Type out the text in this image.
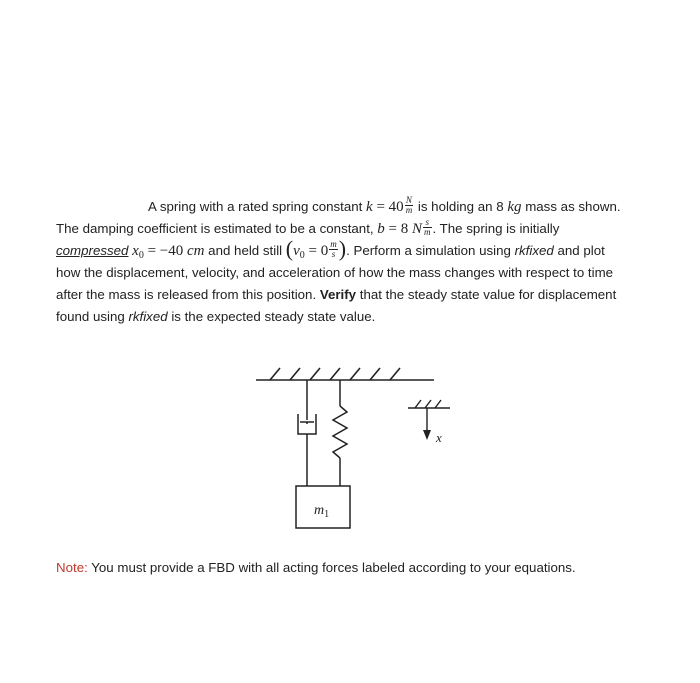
A spring with a rated spring constant $k = 40 \frac{N}{m}$ is holding an 8 kg mass as shown.
The damping coefficient is estimated to be a constant, b = 8 N $\frac{s}{m}$ . The spring is initially
compressed $x_0 = -40$ cm and held still ($v_0 = 0 \frac{m}{s}$ ). Perform a simulation using rkfixed and plot
how the displacement, velocity, and acceleration of how the mass changes with respect to time
after the mass is released from this position. Verify that the steady state value for displacement
found using rkfixed is the expected steady state value.
$m_1$
x
Note: You must provide a FBD with all acting forces labeled according to your equations.
